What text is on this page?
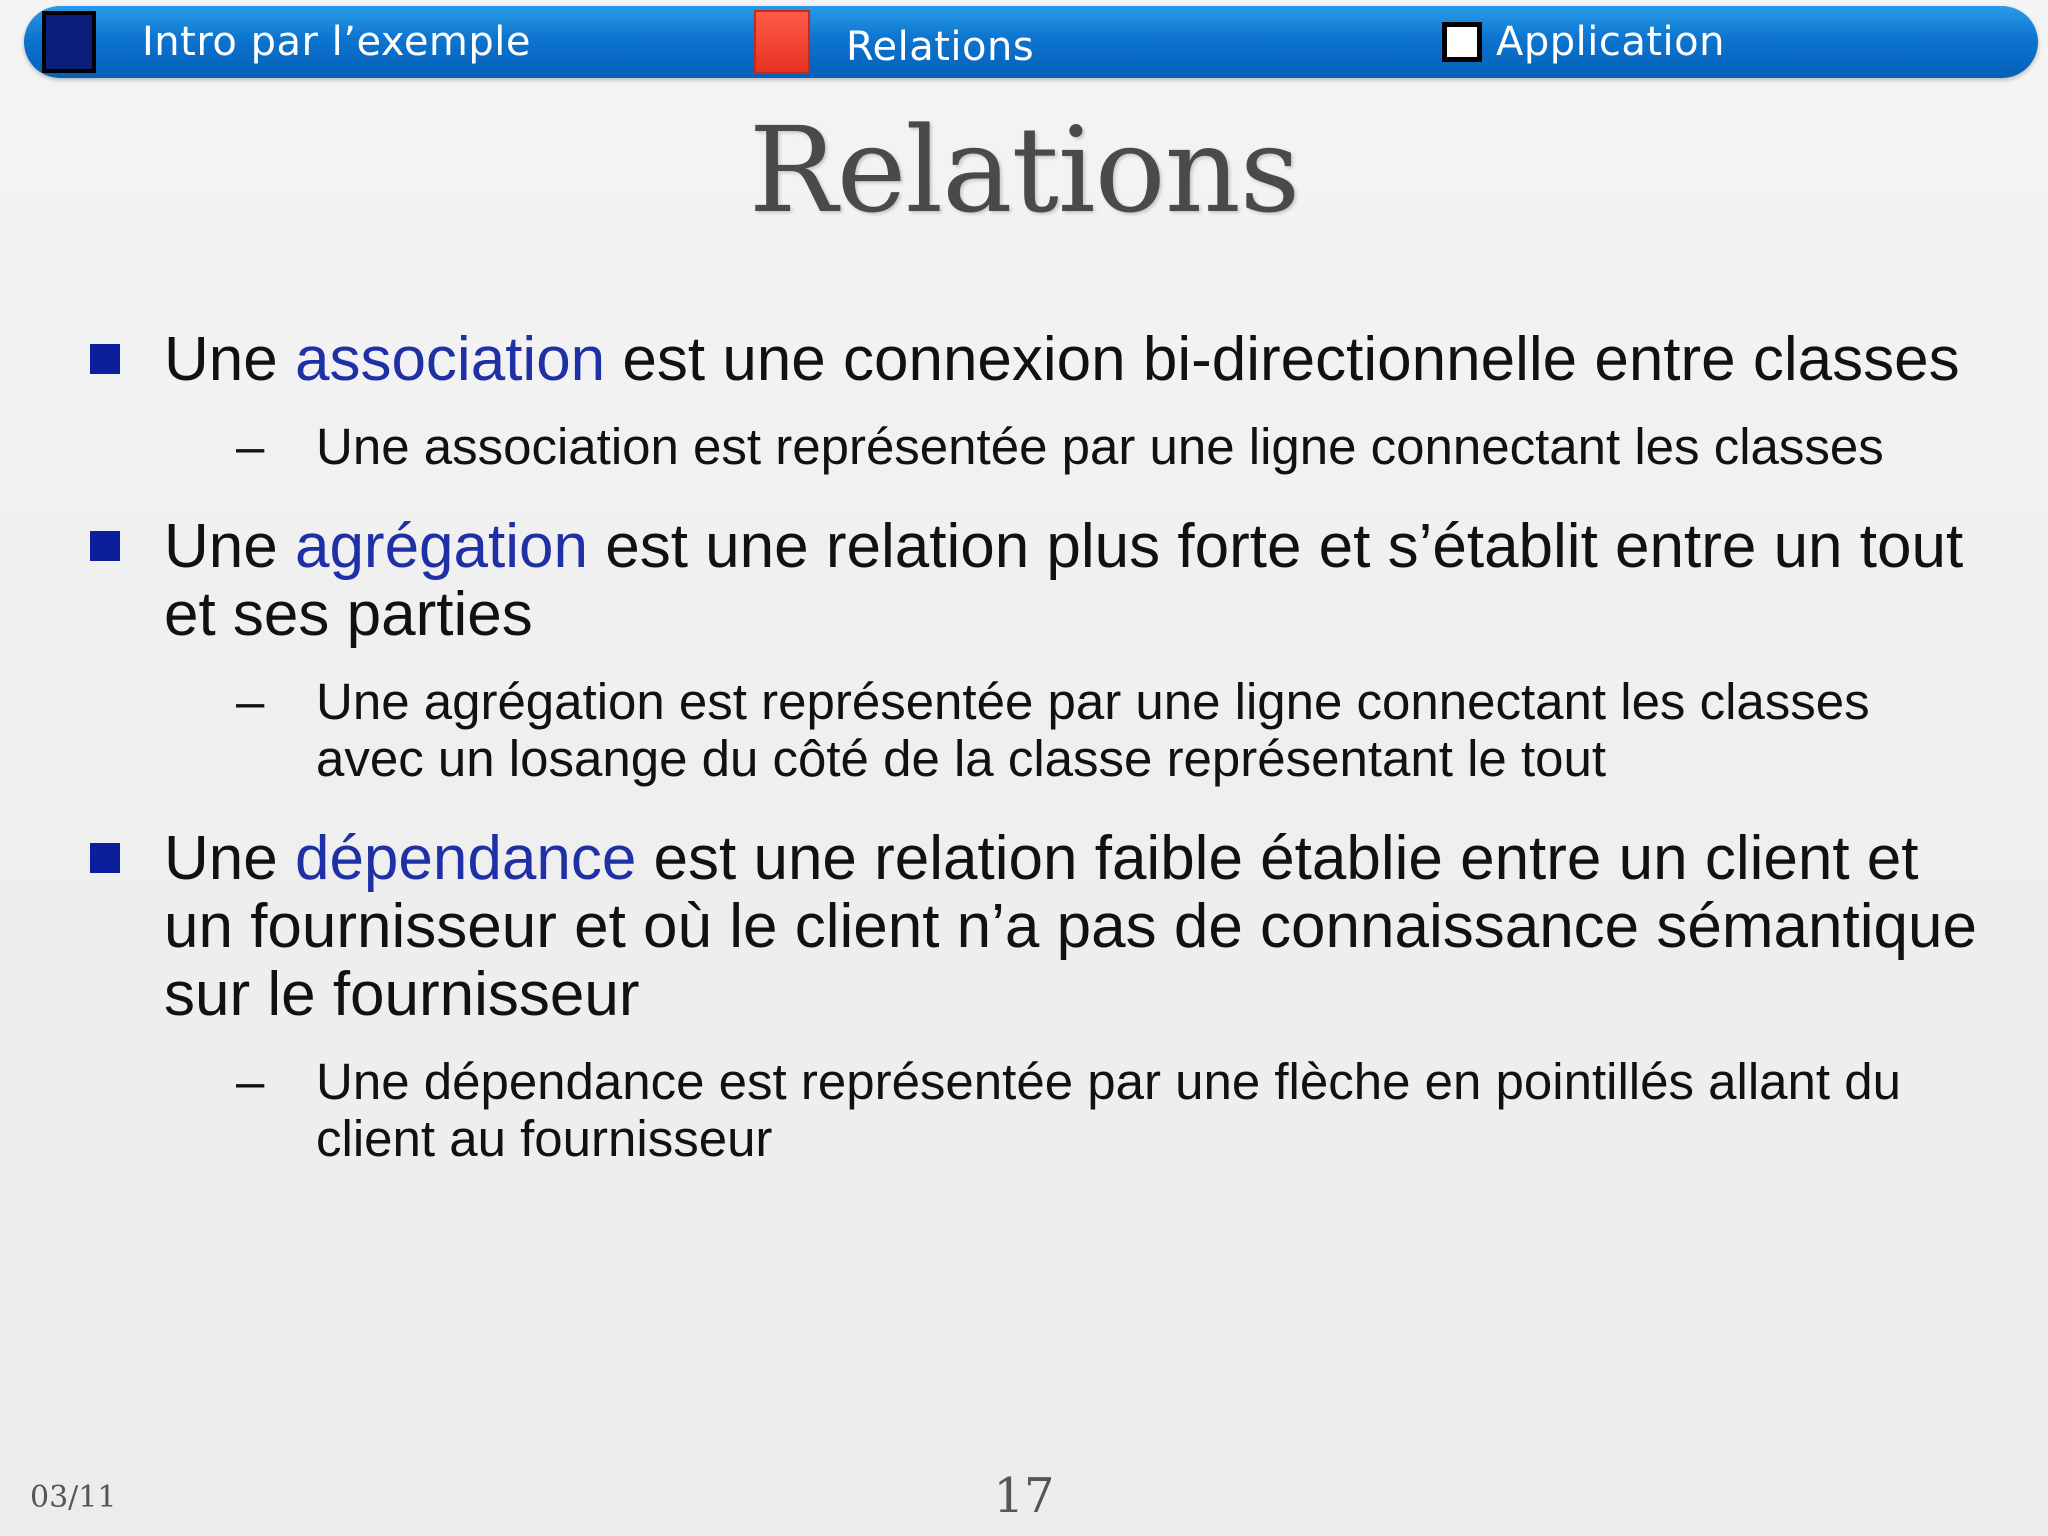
Intro par l’exemple	Relations	Application
Relations
Une association est une connexion bi-directionnelle entre classes
– Une association est représentée par une ligne connectant les classes
Une agrégation est une relation plus forte et s’établit entre un tout et ses parties
– Une agrégation est représentée par une ligne connectant les classes avec un losange du côté de la classe représentant le tout
Une dépendance est une relation faible établie entre un client et un fournisseur et où le client n’a pas de connaissance sémantique sur le fournisseur
– Une dépendance est représentée par une flèche en pointillés allant du client au fournisseur
03/11	17
